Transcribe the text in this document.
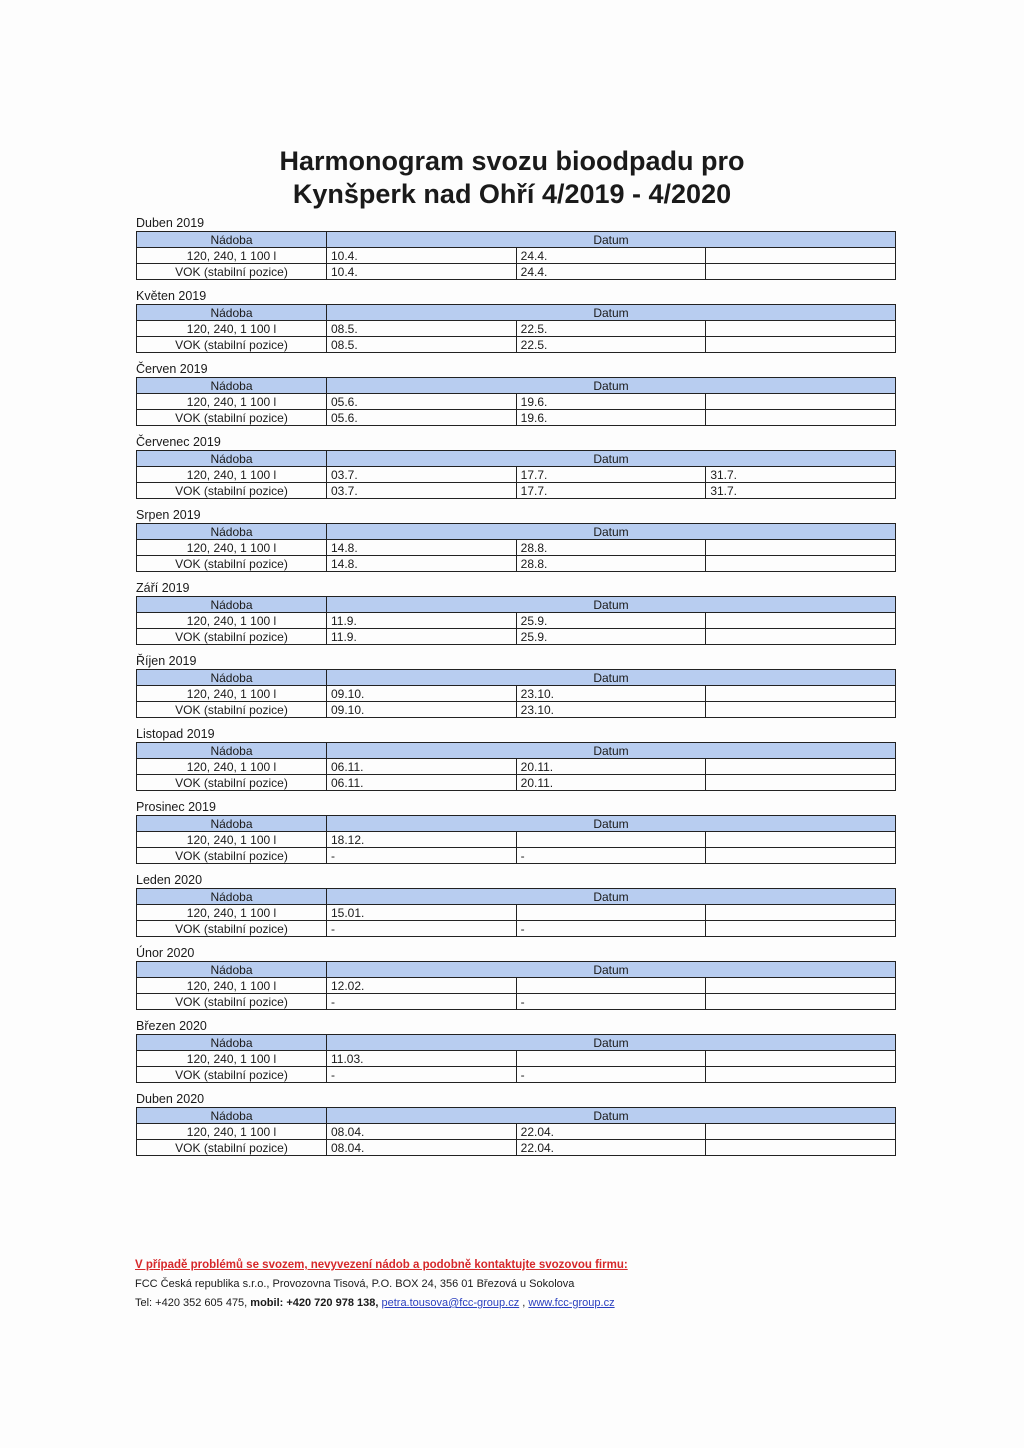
Harmonogram svozu bioodpadu pro
Kynšperk nad Ohří 4/2019 - 4/2020
Duben 2019
Nádoba	Datum		
120, 240, 1 100 l	10.4.	24.4.	
VOK (stabilní pozice)	10.4.	24.4.	
Květen 2019
Nádoba	Datum		
120, 240, 1 100 l	08.5.	22.5.	
VOK (stabilní pozice)	08.5.	22.5.	
Červen 2019
Nádoba	Datum		
120, 240, 1 100 l	05.6.	19.6.	
VOK (stabilní pozice)	05.6.	19.6.	
Červenec 2019
Nádoba	Datum		
120, 240, 1 100 l	03.7.	17.7.	31.7.
VOK (stabilní pozice)	03.7.	17.7.	31.7.
Srpen 2019
Nádoba	Datum		
120, 240, 1 100 l	14.8.	28.8.	
VOK (stabilní pozice)	14.8.	28.8.	
Září 2019
Nádoba	Datum		
120, 240, 1 100 l	11.9.	25.9.	
VOK (stabilní pozice)	11.9.	25.9.	
Říjen 2019
Nádoba	Datum		
120, 240, 1 100 l	09.10.	23.10.	
VOK (stabilní pozice)	09.10.	23.10.	
Listopad 2019
Nádoba	Datum		
120, 240, 1 100 l	06.11.	20.11.	
VOK (stabilní pozice)	06.11.	20.11.	
Prosinec 2019
Nádoba	Datum		
120, 240, 1 100 l	18.12.		
VOK (stabilní pozice)	-	-	
Leden 2020
Nádoba	Datum		
120, 240, 1 100 l	15.01.		
VOK (stabilní pozice)	-	-	
Únor 2020
Nádoba	Datum		
120, 240, 1 100 l	12.02.		
VOK (stabilní pozice)	-	-	
Březen 2020
Nádoba	Datum		
120, 240, 1 100 l	11.03.		
VOK (stabilní pozice)	-	-	
Duben 2020
Nádoba	Datum		
120, 240, 1 100 l	08.04.	22.04.	
VOK (stabilní pozice)	08.04.	22.04.	
V případě problémů se svozem, nevyvezení nádob a podobně kontaktujte svozovou firmu:
FCC Česká republika s.r.o., Provozovna Tisová, P.O. BOX 24, 356 01 Březová u Sokolova
Tel: +420 352 605 475, mobil: +420 720 978 138, petra.tousova@fcc-group.cz , www.fcc-group.cz
